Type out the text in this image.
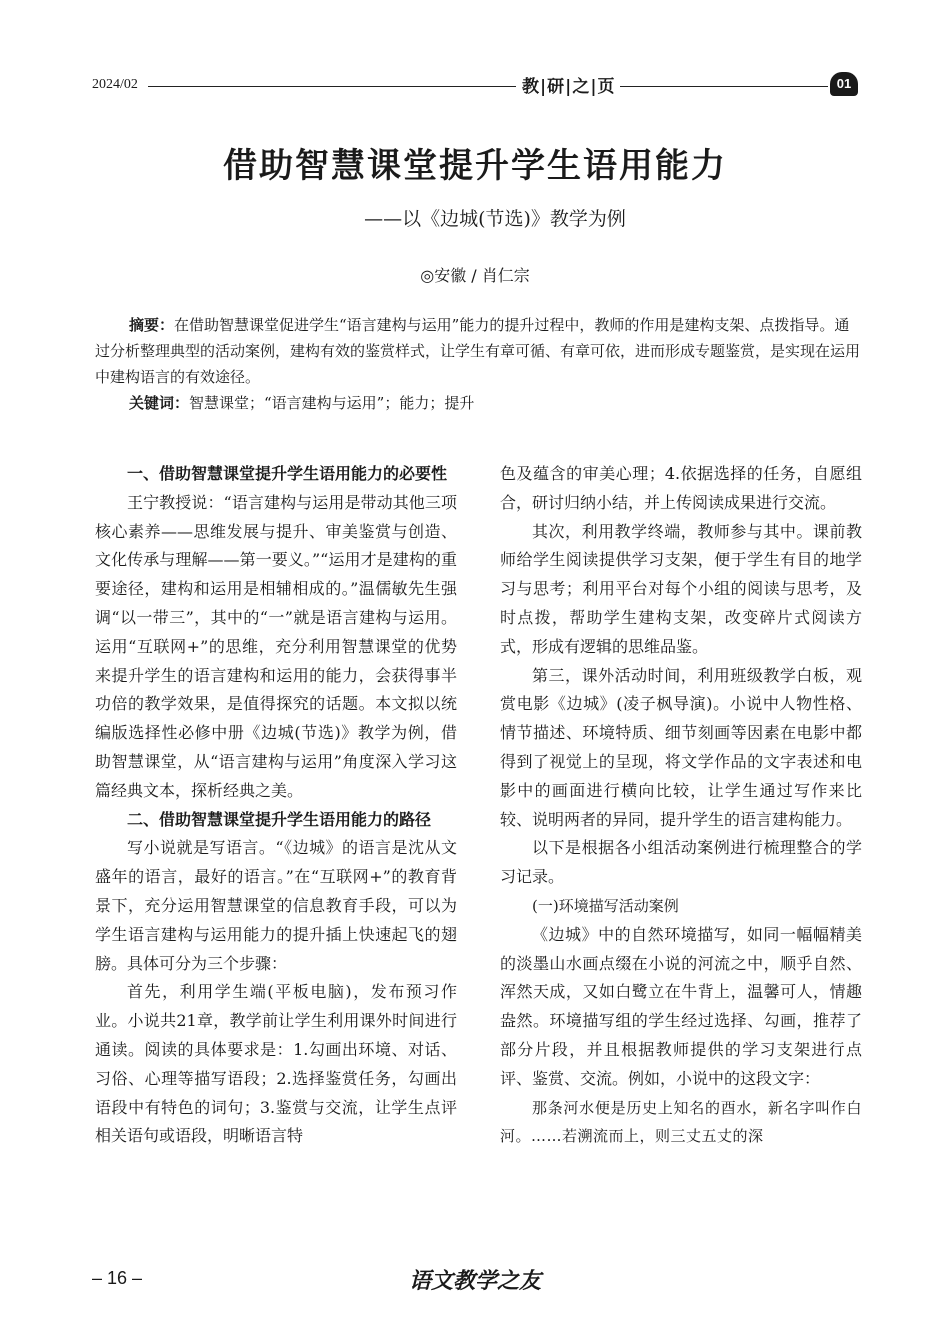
2024/02	教|研|之|页	01
借助智慧课堂提升学生语用能力
——以《边城(节选)》教学为例
◎安徽 / 肖仁宗

摘要：在借助智慧课堂促进学生“语言建构与运用”能力的提升过程中，教师的作用是建构支架、点拨指导。通过分析整理典型的活动案例，建构有效的鉴赏样式，让学生有章可循、有章可依，进而形成专题鉴赏，是实现在运用中建构语言的有效途径。

关键词：智慧课堂；“语言建构与运用”；能力；提升

一、借助智慧课堂提升学生语用能力的必要性

王宁教授说：“语言建构与运用是带动其他三项核心素养——思维发展与提升、审美鉴赏与创造、文化传承与理解——第一要义。”“运用才是建构的重要途径，建构和运用是相辅相成的。”温儒敏先生强调“以一带三”，其中的“一”就是语言建构与运用。运用“互联网+”的思维，充分利用智慧课堂的优势来提升学生的语言建构和运用的能力，会获得事半功倍的教学效果，是值得探究的话题。本文拟以统编版选择性必修中册《边城(节选)》教学为例，借助智慧课堂，从“语言建构与运用”角度深入学习这篇经典文本，探析经典之美。

二、借助智慧课堂提升学生语用能力的路径

写小说就是写语言。“《边城》的语言是沈从文盛年的语言，最好的语言。”在“互联网+”的教育背景下，充分运用智慧课堂的信息教育手段，可以为学生语言建构与运用能力的提升插上快速起飞的翅膀。具体可分为三个步骤：

首先，利用学生端(平板电脑)，发布预习作业。小说共21章，教学前让学生利用课外时间进行通读。阅读的具体要求是：1.勾画出环境、对话、习俗、心理等描写语段；2.选择鉴赏任务，勾画出语段中有特色的词句；3.鉴赏与交流，让学生点评相关语句或语段，明晰语言特

色及蕴含的审美心理；4.依据选择的任务，自愿组合，研讨归纳小结，并上传阅读成果进行交流。

其次，利用教学终端，教师参与其中。课前教师给学生阅读提供学习支架，便于学生有目的地学习与思考；利用平台对每个小组的阅读与思考，及时点拨，帮助学生建构支架，改变碎片式阅读方式，形成有逻辑的思维品鉴。

第三，课外活动时间，利用班级教学白板，观赏电影《边城》(凌子枫导演)。小说中人物性格、情节描述、环境特质、细节刻画等因素在电影中都得到了视觉上的呈现，将文学作品的文字表述和电影中的画面进行横向比较，让学生通过写作来比较、说明两者的异同，提升学生的语言建构能力。

以下是根据各小组活动案例进行梳理整合的学习记录。

(一)环境描写活动案例

《边城》中的自然环境描写，如同一幅幅精美的淡墨山水画点缀在小说的河流之中，顺乎自然、浑然天成，又如白鹭立在牛背上，温馨可人，情趣盎然。环境描写组的学生经过选择、勾画，推荐了部分片段，并且根据教师提供的学习支架进行点评、鉴赏、交流。例如，小说中的这段文字：

那条河水便是历史上知名的酉水，新名字叫作白河。……若溯流而上，则三丈五丈的深

– 16 –	语文教学之友
